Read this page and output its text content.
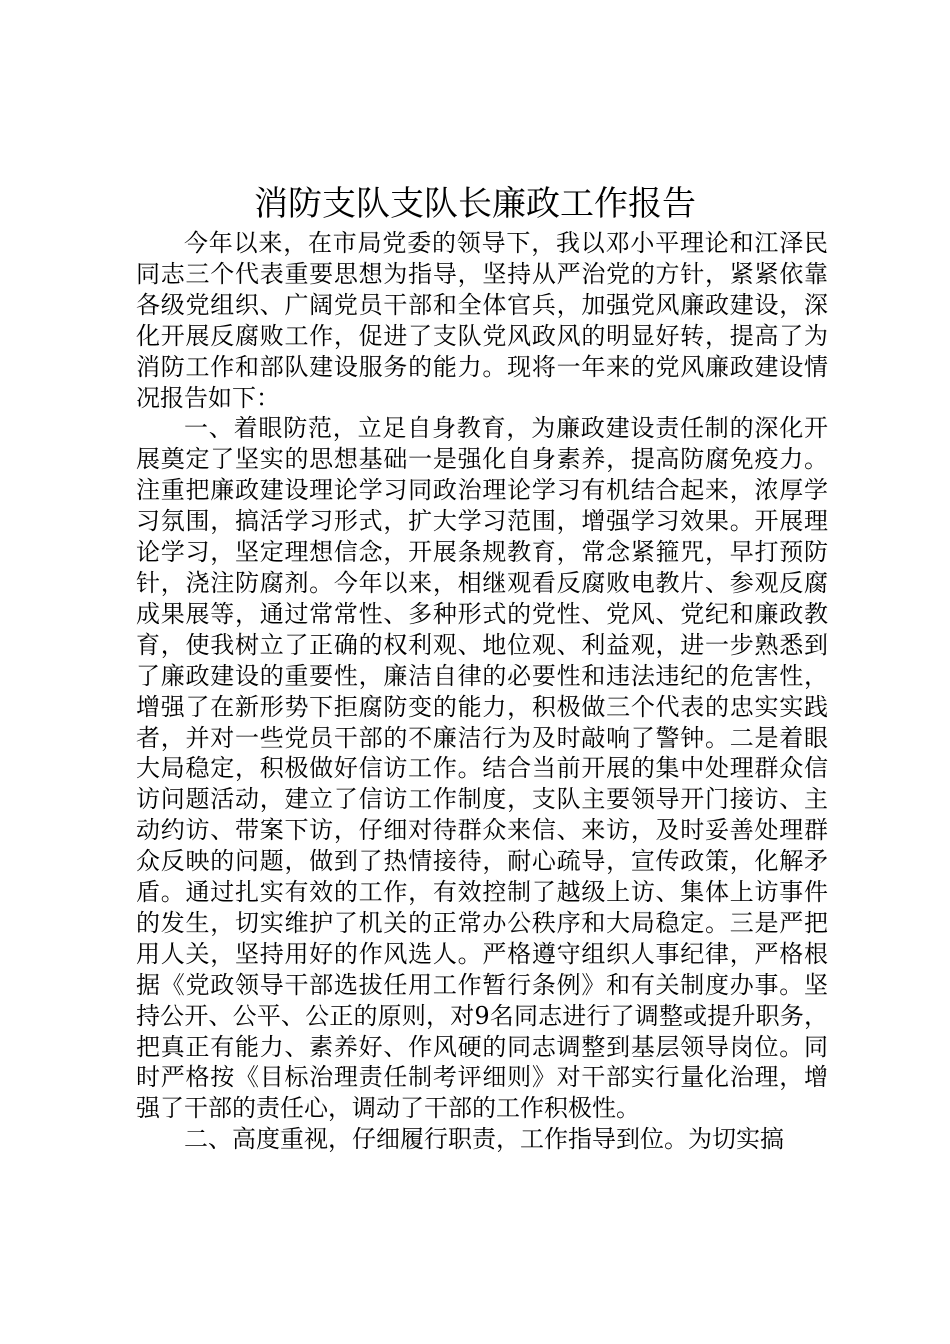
消防支队支队长廉政工作报告

今年以来，在市局党委的领导下，我以邓小平理论和江泽民同志三个代表重要思想为指导，坚持从严治党的方针，紧紧依靠各级党组织、广阔党员干部和全体官兵，加强党风廉政建设，深化开展反腐败工作，促进了支队党风政风的明显好转，提高了为消防工作和部队建设服务的能力。现将一年来的党风廉政建设情况报告如下：

一、着眼防范，立足自身教育，为廉政建设责任制的深化开展奠定了坚实的思想基础一是强化自身素养，提高防腐免疫力。注重把廉政建设理论学习同政治理论学习有机结合起来，浓厚学习氛围，搞活学习形式，扩大学习范围，增强学习效果。开展理论学习，坚定理想信念，开展条规教育，常念紧箍咒，早打预防针，浇注防腐剂。今年以来，相继观看反腐败电教片、参观反腐成果展等，通过常常性、多种形式的党性、党风、党纪和廉政教育，使我树立了正确的权利观、地位观、利益观，进一步熟悉到了廉政建设的重要性，廉洁自律的必要性和违法违纪的危害性，增强了在新形势下拒腐防变的能力，积极做三个代表的忠实实践者，并对一些党员干部的不廉洁行为及时敲响了警钟。二是着眼大局稳定，积极做好信访工作。结合当前开展的集中处理群众信访问题活动，建立了信访工作制度，支队主要领导开门接访、主动约访、带案下访，仔细对待群众来信、来访，及时妥善处理群众反映的问题，做到了热情接待，耐心疏导，宣传政策，化解矛盾。通过扎实有效的工作，有效控制了越级上访、集体上访事件的发生，切实维护了机关的正常办公秩序和大局稳定。三是严把用人关，坚持用好的作风选人。严格遵守组织人事纪律，严格根据《党政领导干部选拔任用工作暂行条例》和有关制度办事。坚持公开、公平、公正的原则，对9名同志进行了调整或提升职务，把真正有能力、素养好、作风硬的同志调整到基层领导岗位。同时严格按《目标治理责任制考评细则》对干部实行量化治理，增强了干部的责任心，调动了干部的工作积极性。

二、高度重视，仔细履行职责，工作指导到位。为切实搞
